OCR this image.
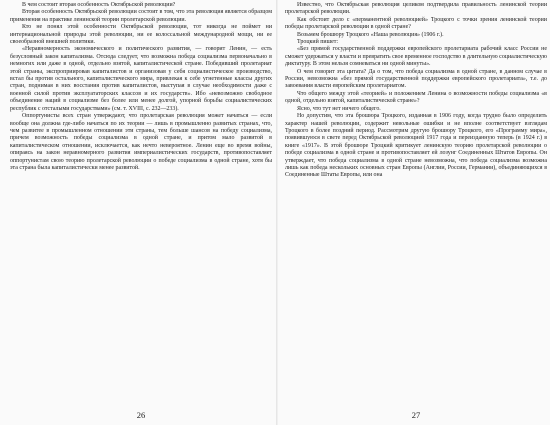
В чем состоит вторая особенность Октябрьской революции?

Вторая особенность Октябрьской революции состоит в том, что эта революция является образцом применения на практике ленинской теории пролетарской революции.

Кто не понял этой особенности Октябрьской революции, тот никогда не поймет ни интернациональной природы этой революции, ни ее колоссальной международной мощи, ни ее своеобразной внешней политики.

«Неравномерность экономического и политического развития, — говорит Ленин, — есть безусловный закон капитализма. Отсюда следует, что возможна победа социализма первоначально в немногих или даже в одной, отдельно взятой, капиталистической стране. Победивший пролетариат этой страны, экспроприировав капиталистов и организовав у себя социалистическое производство, встал бы против остального, капиталистического мира, привлекая к себе угнетенные классы других стран, поднимая в них восстания против капиталистов, выступая в случае необходимости даже с военной силой против эксплуататорских классов и их государств». Ибо «невозможно свободное объединение наций в социализме без более или менее долгой, упорной борьбы социалистических республик с отсталыми государствами» (см. т. XVIII, с. 232—233).

Оппортунисты всех стран утверждают, что пролетарская революция может начаться — если вообще она должна где-либо начаться по их теории — лишь в промышленно развитых странах, что, чем развитее в промышленном отношении эти страны, тем больше шансов на победу социализма, причем возможность победы социализма в одной стране, и притом мало развитой в капиталистическом отношении, исключается, как нечто невероятное. Ленин еще во время войны, опираясь на закон неравномерного развития империалистических государств, противопоставляет оппортунистам свою теорию пролетарской революции о победе социализма в одной стране, хотя бы эта страна была капиталистически менее развитой.

Известно, что Октябрьская революция целиком подтвердила правильность ленинской теории пролетарской революции.

Как обстоит дело с «перманентной революцией» Троцкого с точки зрения ленинской теории победы пролетарской революции в одной стране?

Возьмем брошюру Троцкого «Наша революция» (1906 г.).

Троцкий пишет:

«Без прямой государственной поддержки европейского пролетариата рабочий класс России не сможет удержаться у власти и превратить свое временное господство в длительную социалистическую диктатуру. В этом нельзя сомневаться ни одной минуты».

О чем говорит эта цитата? Да о том, что победа социализма в одной стране, в данном случае в России, невозможна «без прямой государственной поддержки европейского пролетариата», т.е. до завоевания власти европейским пролетариатом.

Что общего между этой «теорией» и положением Ленина о возможности победы социализма «в одной, отдельно взятой, капиталистической стране»?

Ясно, что тут нет ничего общего.

Но допустим, что эта брошюра Троцкого, изданная в 1906 году, когда трудно было определить характер нашей революции, содержит невольные ошибки и не вполне соответствует взглядам Троцкого в более поздний период. Рассмотрим другую брошюру Троцкого, его «Программу мира», появившуюся в свете перед Октябрьской революцией 1917 года и переизданную теперь (в 1924 г.) в книге «1917». В этой брошюре Троцкий критикует ленинскую теорию пролетарской революции о победе социализма в одной стране и противопоставляет ей лозунг Соединенных Штатов Европы. Он утверждает, что победа социализма в одной стране невозможна, что победа социализма возможна лишь как победа нескольких основных стран Европы (Англии, России, Германии), объединяющихся в Соединенные Штаты Европы, или она

26	27
